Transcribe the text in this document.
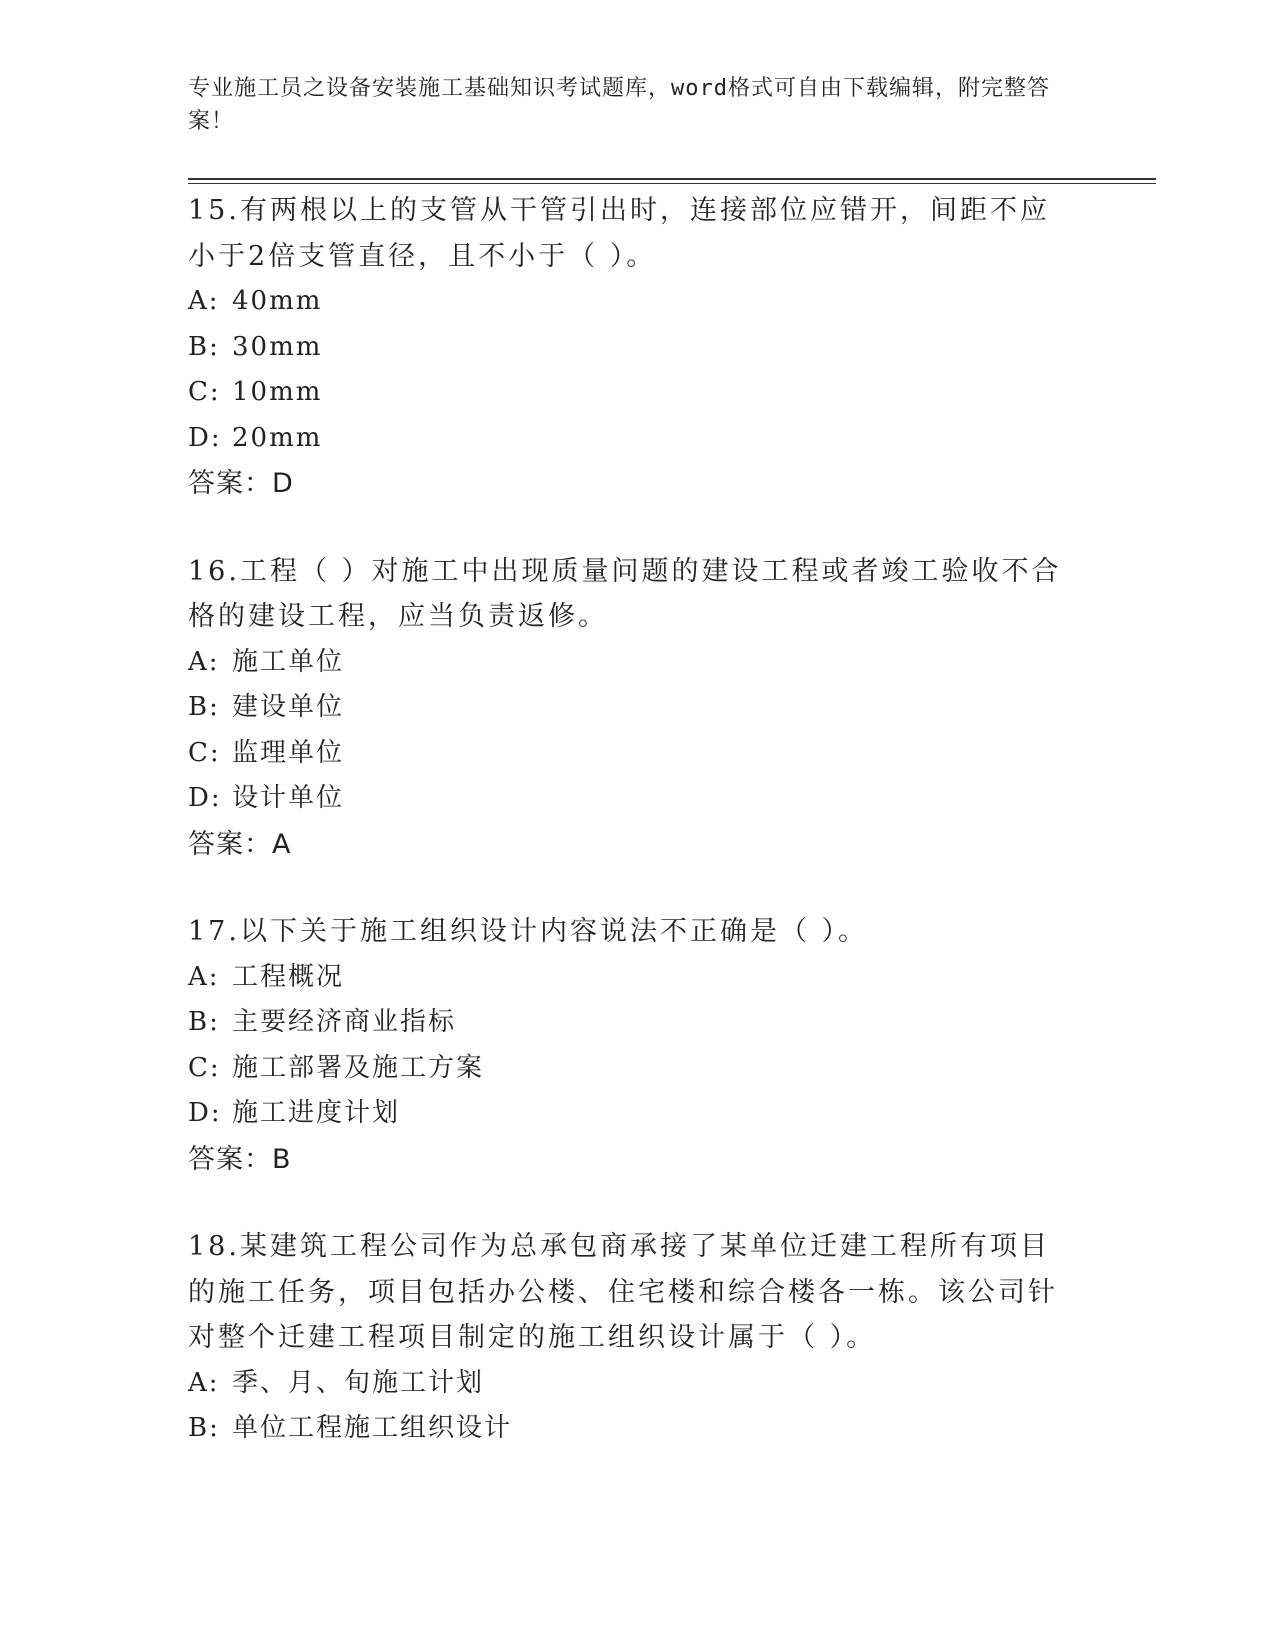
专业施工员之设备安装施工基础知识考试题库，word格式可自由下载编辑，附完整答案！
15.有两根以上的支管从干管引出时，连接部位应错开，间距不应小于2倍支管直径，且不小于（ ）。
A: 40mm
B: 30mm
C: 10mm
D: 20mm
答案：D
16.工程（ ）对施工中出现质量问题的建设工程或者竣工验收不合格的建设工程，应当负责返修。
A: 施工单位
B: 建设单位
C: 监理单位
D: 设计单位
答案：A
17.以下关于施工组织设计内容说法不正确是（ ）。
A: 工程概况
B: 主要经济商业指标
C: 施工部署及施工方案
D: 施工进度计划
答案：B
18.某建筑工程公司作为总承包商承接了某单位迁建工程所有项目的施工任务，项目包括办公楼、住宅楼和综合楼各一栋。该公司针对整个迁建工程项目制定的施工组织设计属于（ ）。
A: 季、月、旬施工计划
B: 单位工程施工组织设计
